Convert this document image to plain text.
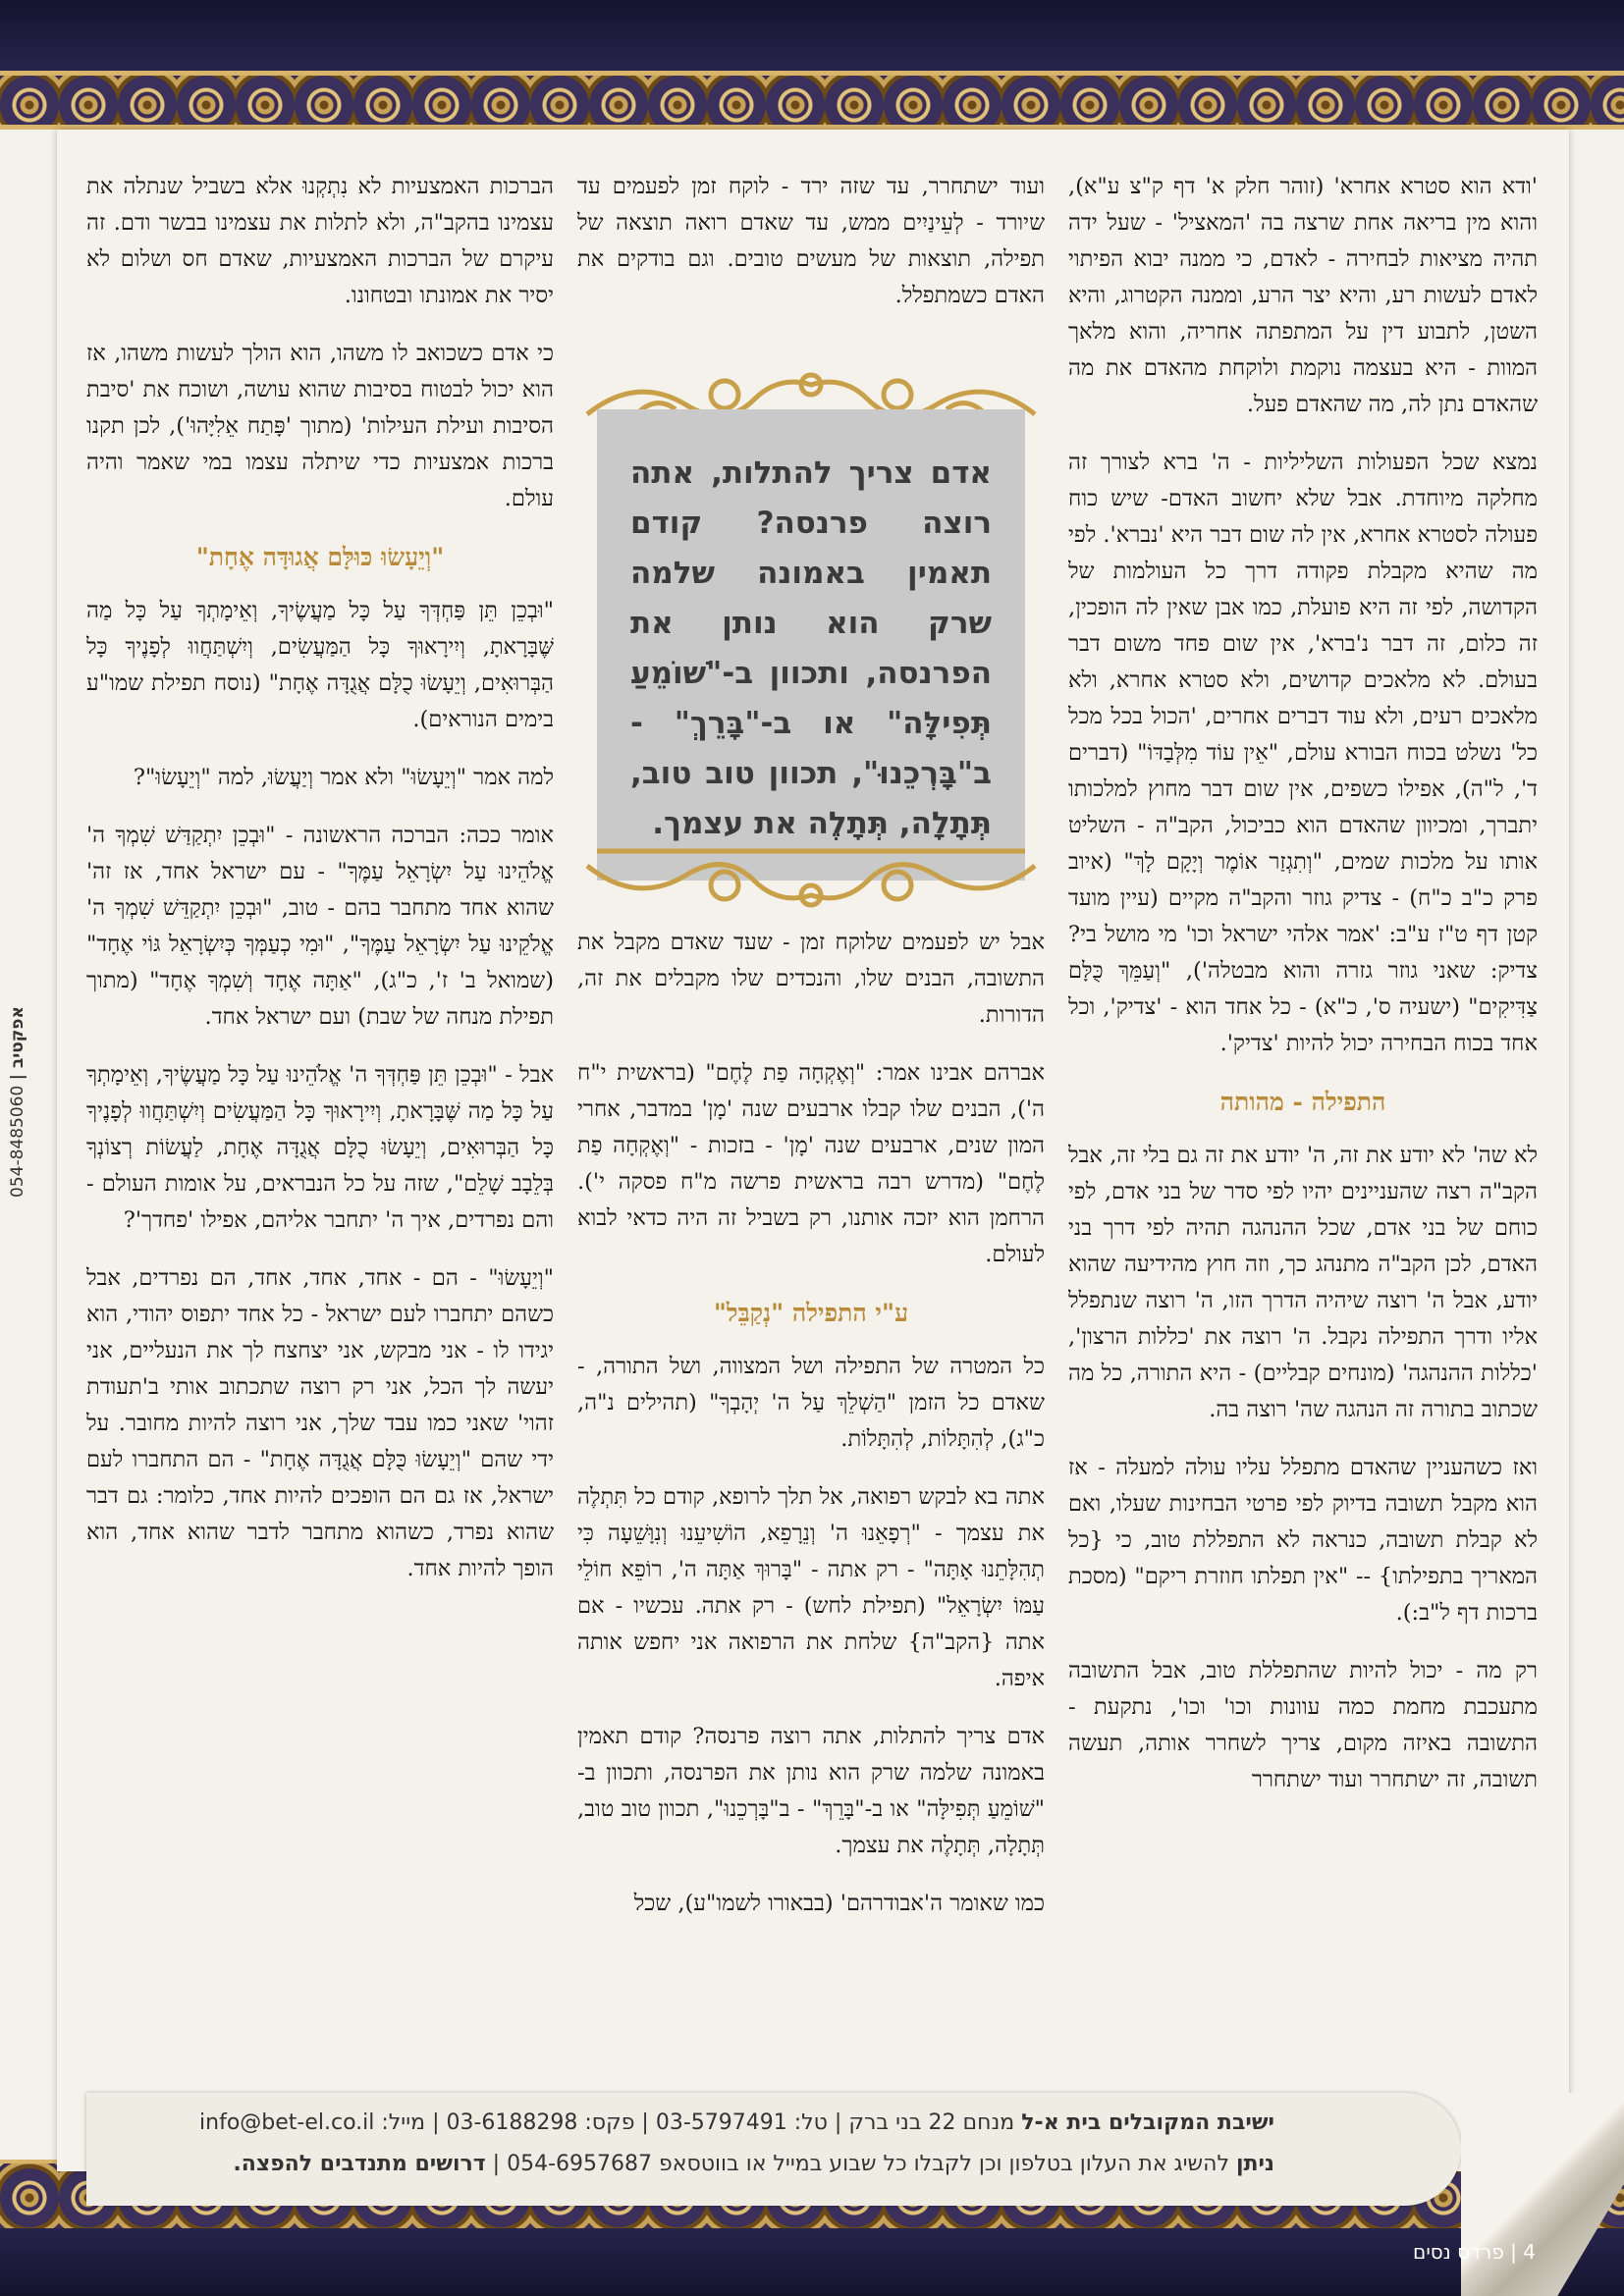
054-8485060 | אפקטיב

'ודא הוא סטרא אחרא' (זוהר חלק א' דף ק"צ ע"א), והוא מין בריאה אחת שרצה בה 'המאציל' - שעל ידה תהיה מציאות לבחירה - לאדם, כי ממנה יבוא הפיתוי לאדם לעשות רע, והיא יצר הרע, וממנה הקטרוג, והיא השטן, לתבוע דין על המתפתה אחריה, והוא מלאך המוות - היא בעצמה נוקמת ולוקחת מהאדם את מה שהאדם נתן לה, מה שהאדם פעל.

נמצא שכל הפעולות השליליות - ה' ברא לצורך זה מחלקה מיוחדת. אבל שלא יחשוב האדם- שיש כוח פעולה לסטרא אחרא, אין לה שום דבר היא 'נברא'. לפי מה שהיא מקבלת פקודה דרך כל העולמות של הקדושה, לפי זה היא פועלת, כמו אבן שאין לה הופכין, זה כלום, זה דבר נ'ברא', אין שום פחד משום דבר בעולם. לא מלאכים קדושים, ולא סטרא אחרא, ולא מלאכים רעים, ולא עוד דברים אחרים, 'הכול בכל מכל כל' נשלט בכוח הבורא עולם, "אֵין עוֹד מִלְּבַדּוֹ" (דברים ד', ל"ה), אפילו כשפים, אין שום דבר מחוץ למלכותו יתברך, ומכיוון שהאדם הוא כביכול, הקב"ה - השליט אותו על מלכות שמים, "וְתִגְזַר אוֹמֶר וְיָקָם לָךְ" (איוב פרק כ"ב כ"ח) - צדיק גוזר והקב"ה מקיים (עיין מועד קטן דף ט"ז ע"ב: 'אמר אלהי ישראל וכו' מי מושל בי? צדיק: שאני גוזר גזרה והוא מבטלה'), "וְעַמֵּךְ כֻּלָּם צַדִּיקִים" (ישעיה ס', כ"א) - כל אחד הוא - 'צדיק', וכל אחד בכוח הבחירה יכול להיות 'צדיק'.

התפילה - מהותה

לא שה' לא יודע את זה, ה' יודע את זה גם בלי זה, אבל הקב"ה רצה שהעניינים יהיו לפי סדר של בני אדם, לפי כוחם של בני אדם, שכל ההנהגה תהיה לפי דרך בני האדם, לכן הקב"ה מתנהג כך, וזה חוץ מהידיעה שהוא יודע, אבל ה' רוצה שיהיה הדרך הזו, ה' רוצה שנתפלל אליו ודרך התפילה נקבל. ה' רוצה את 'כללות הרצון', 'כללות ההנהגה' (מונחים קבליים) - היא התורה, כל מה שכתוב בתורה זה הנהגה שה' רוצה בה.

ואז כשהעניין שהאדם מתפלל עליו עולה למעלה - אז הוא מקבל תשובה בדיוק לפי פרטי הבחינות שעלו, ואם לא קבלת תשובה, כנראה לא התפללת טוב, כי {כל המאריך בתפילתו} -- "אין תפלתו חוזרת ריקם" (מסכת ברכות דף ל"ב:).

רק מה - יכול להיות שהתפללת טוב, אבל התשובה מתעכבת מחמת כמה עוונות וכו' וכו', נתקעת - התשובה באיזה מקום, צריך לשחרר אותה, תעשה תשובה, זה ישתחרר ועוד ישתחרר

ועוד ישתחרר, עד שזה ירד - לוקח זמן לפעמים עד שיורד - לְעֵינַיִים ממש, עד שאדם רואה תוצאה של תפילה, תוצאות של מעשים טובים. וגם בודקים את האדם כשמתפלל.

אבל יש לפעמים שלוקח זמן - שעד שאדם מקבל את התשובה, הבנים שלו, והנכדים שלו מקבלים את זה, הדורות.

אברהם אבינו אמר: "וְאֶקְחָה פַת לֶחֶם" (בראשית י"ח ה'), הבנים שלו קבלו ארבעים שנה 'מָן' במדבר, אחרי המון שנים, ארבעים שנה 'מָן' - בזכות - "וְאֶקְחָה פַת לֶחֶם" (מדרש רבה בראשית פרשה מ"ח פסקה י'). הרחמן הוא יזכה אותנו, רק בשביל זה היה כדאי לבוא לעולם.

ע"י התפילה "נְקַבֵּל"

כל המטרה של התפילה ושל המצווה, ושל התורה, - שאדם כל הזמן "הַשְׁלֵךְ עַל ה' יְהָבְךָ" (תהילים נ"ה, כ"ג), לְהִתָּלוֹת, לְהִתָּלוֹת.

אתה בא לבקש רפואה, אל תלך לרופא, קודם כל תִּתְלֶה את עצמך - "רְפָאֵנוּ ה' וְנֵרָפֵא, הוֹשִׁיעֵנוּ וְנִוָּשֵׁעָה כִּי תְהִלָּתֵנוּ אָתָּה" - רק אתה - "בָּרוּךְ אַתָּה ה', רוֹפֵא חוֹלֵי עַמּוֹ יִשְׂרָאֵל" (תפילת לחש) - רק אתה. עכשיו - אם אתה {הקב"ה} שלחת את הרפואה אני יחפש אותה איפה.

אדם צריך להתלות, אתה רוצה פרנסה? קודם תאמין באמונה שלמה שרק הוא נותן את הפרנסה, ותכוון ב-"שׁוֹמֵעַ תְּפִילָּה" או ב-"בָּרֵךְ" - ב"בָּרְכֵנוּ", תכוון טוב טוב, תְּתָלָה, תְּתָלֶה את עצמך.

כמו שאומר ה'אבודרהם' (בבאורו לשמו"ע), שכל

אדם צריך להתלות, אתה רוצה פרנסה? קודם תאמין באמונה שלמה שרק הוא נותן את הפרנסה, ותכוון ב-"שׁוֹמֵעַ תְּפִילָּה" או ב-"בָּרֵךְ" - ב"בָּרְכֵנוּ", תכוון טוב טוב, תְּתָלָה, תְּתָלֶה את עצמך.

הברכות האמצעיות לא נִתְקְנוּ אלא בשביל שנתלה את עצמינו בהקב"ה, ולא לתלות את עצמינו בבשר ודם. זה עיקרם של הברכות האמצעיות, שאדם חס ושלום לא יסיר את אמונתו ובטחונו.

כי אדם כשכואב לו משהו, הוא הולך לעשות משהו, אז הוא יכול לבטוח בסיבות שהוא עושה, ושוכח את 'סיבת הסיבות ועילת העילות' (מתוך 'פָּתַח אֵלִיָּהוּ'), לכן תקנו ברכות אמצעיות כדי שיתלה עצמו במי שאמר והיה עולם.

"וְיֵעָשׂוּ כּוּלָּם אֲגוּדָּה אֶחָת"

"וּבְכֵן תֵּן פַּחְדְּךָ עַל כָּל מַעֲשֶׂיךָ, וְאֵימָתְךָ עַל כָּל מַה שֶּׁבָּרָאתָ, וְיִירָאוּךָ כָּל הַמַּעֲשִׂים, וְיִשְׁתַּחֲווּ לְפָנֶיךָ כָּל הַבְּרוּאִים, וְיֵעָשׂוּ כֻלָּם אֲגֻדָּה אֶחָת" (נוסח תפילת שמו"ע בימים הנוראים).

למה אמר "וְיֵעָשׂוּ" ולא אמר וְיַעֲשׂוּ, למה "וְיֵעָשׂוּ"?

אומר ככה: הברכה הראשונה - "וּבְכֵן יִתְקַדַּשׁ שִׁמְךָ ה' אֱלֹהֵינוּ עַל יִשְׂרָאֵל עַמֶּךָ" - עם ישראל אחד, אז זה' שהוא אחד מתחבר בהם - טוב, "וּבְכֵן יִתְקַדֵּשׁ שִׁמְךָ ה' אֱלֹקֵינוּ עַל יִשְׂרָאֵל עַמֶּךָ", "וּמִי כְעַמְּךָ כְּיִשְׂרָאֵל גּוֹי אֶחָד" (שמואל ב' ז', כ"ג), "אַתָּה אֶחָד וְשִׁמְךָ אֶחָד" (מתוך תפילת מנחה של שבת) ועם ישראל אחד.

אבל - "וּבְכֵן תֵּן פַּחְדְּךָ ה' אֱלֹהֵינוּ עַל כָּל מַעֲשֶׂיךָ, וְאֵימָתְךָ עַל כָּל מַה שֶּׁבָּרָאתָ, וְיִירָאוּךָ כָּל הַמַּעֲשִׂים וְיִשְׁתַּחֲווּ לְפָנֶיךָ כָּל הַבְּרוּאִים, וְיֵעָשׂוּ כֻלָּם אֲגֻדָּה אֶחָת, לַעֲשׂוֹת רְצוֹנְךָ בְּלֵבָב שָׁלֵם", שזה על כל הנבראים, על אומות העולם - והם נפרדים, איך ה' יתחבר אליהם, אפילו 'פחדך'?

"וְיֵעָשׂוּ" - הם - אחד, אחד, אחד, הם נפרדים, אבל כשהם יתחברו לעם ישראל - כל אחד יתפוס יהודי, הוא יגידו לו - אני מבקש, אני יצחצח לך את הנעליים, אני יעשה לך הכל, אני רק רוצה שתכתוב אותי ב'תעודת זהוי' שאני כמו עבד שלך, אני רוצה להיות מחובר. על ידי שהם "וְיֵעָשׂוּ כֻּלָּם אֲגֻדָּה אֶחָת" - הם התחברו לעם ישראל, אז גם הם הופכים להיות אחד, כלומר: גם דבר שהוא נפרד, כשהוא מתחבר לדבר שהוא אחד, הוא הופך להיות אחד.

ישיבת המקובלים בית א-ל מנחם 22 בני ברק | טל: 03-5797491 | פקס: 03-6188298 | מייל: info@bet-el.co.il
ניתן להשיג את העלון בטלפון וכן לקבלו כל שבוע במייל או בווטסאפ 054-6957687 | דרושים מתנדבים להפצה.
4 | פרדס נסים
